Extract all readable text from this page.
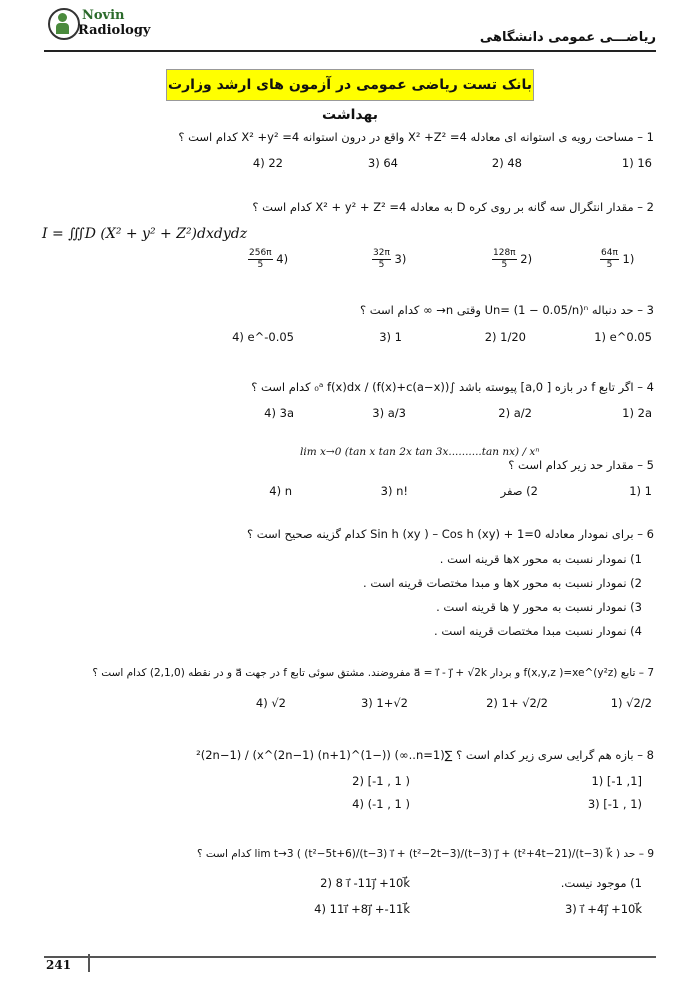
Novin
Radiology	ریاضـــی عمومی دانشگاهی
بانک تست ریاضی عمومی در آزمون های ارشد وزارت بهداشت
1 – مساحت رویه ی استوانه ای معادله X² +Z² =4 واقع در درون استوانه X² +y² =4 کدام است ؟
1) 16
2) 48
3) 64
4) 22
2 – مقدار انتگرال سه گانه بر روی کره D به معادله X² + y² + Z² =4 کدام است ؟
I = ∭D (X² + y² + Z²)dxdydz
$\frac{64\pi}{5} 1$)
$\frac{128\pi}{5} 2$)
$\frac{32\pi}{5} 3$)
$\frac{256\pi}{5} 4$)
3 – حد دنباله Un= (1 − 0.05/n)ⁿ وقتی n→ ∞ کدام است ؟
1) e^0.05
2) 1/20
3) 1
4) e^-0.05
4 – اگر تابع f در بازه [ 0,a] پیوسته باشد ∫₀ᵃ f(x)dx / (f(x)+c(a−x)) کدام است ؟
1) 2a
2) a/2
3) a/3
4) 3a
5 – مقدار حد زیر کدام است ؟
lim x→0 (tan x tan 2x tan 3x..........tan nx) / xⁿ
1) 1
2) صفر
3) n!
4) n
6 – برای نمودار معادله Sin h (xy ) – Cos h (xy) + 1=0 کدام گزینه صحیح است ؟
1) نمودار نسبت به محور xها قرینه است .
2) نمودار نسبت به محور xها و مبدا مختصات قرینه است .
3) نمودار نسبت به محور y ها قرینه است .
4) نمودار نسبت مبدا مختصات قرینه است .
7 – تابع f(x,y,z )=xe^(y²z) و بردار a⃗ = i⃗ - j⃗ + √2k مفروضند. مشتق سوئی تابع f در جهت a⃗ و در نقطه (2,1,0) کدام است ؟
1) √2/2
2) 1+ √2/2
3) 1+√2
4) √2
8 – بازه هم گرایی سری زیر کدام است ؟ ∑(n=1..∞) ((−1)^(n+1) x^(2n−1)) / (2n−1)²
1) [-1 ,1]
2) [-1 , 1 )
3) [-1 , 1)
4) (-1 , 1 )
9 – حد lim t→3 ( (t²−5t+6)/(t−3) i⃗ + (t²−2t−3)/(t−3) j⃗ + (t²+4t−21)/(t−3) k⃗ ) کدام است ؟
1) موجود نیست.
2) 8 i⃗ -11j⃗ +10k⃗
3) i⃗ +4j⃗ +10k⃗
4) 11i⃗ +8j⃗ +-11k⃗
241
